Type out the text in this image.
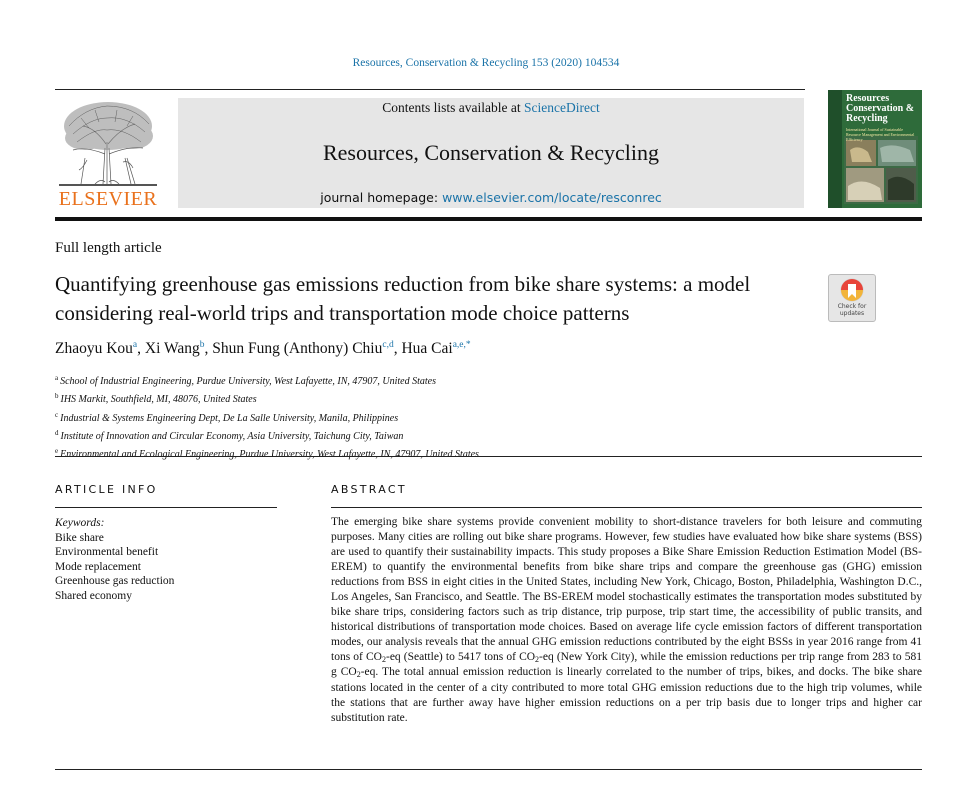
Resources, Conservation & Recycling 153 (2020) 104534
ELSEVIER
Contents lists available at ScienceDirect
Resources, Conservation & Recycling
journal homepage: www.elsevier.com/locate/resconrec
Resources
Conservation &
Recycling
International Journal of Sustainable Resource Management and Environmental Efficiency
Full length article
Quantifying greenhouse gas emissions reduction from bike share systems: a model considering real-world trips and transportation mode choice patterns	Check for
updates
Zhaoyu Kou$^a$, Xi Wang$^b$, Shun Fung (Anthony) Chiu$^{c,d}$, Hua Cai$^{a,e,*}$
$^a$ School of Industrial Engineering, Purdue University, West Lafayette, IN, 47907, United States
$^b$ IHS Markit, Southfield, MI, 48076, United States
$^c$ Industrial & Systems Engineering Dept, De La Salle University, Manila, Philippines
$^d$ Institute of Innovation and Circular Economy, Asia University, Taichung City, Taiwan
$^e$ Environmental and Ecological Engineering, Purdue University, West Lafayette, IN, 47907, United States
ARTICLE INFO
Keywords:
Bike share
Environmental benefit
Mode replacement
Greenhouse gas reduction
Shared economy
ABSTRACT
The emerging bike share systems provide convenient mobility to short-distance travelers for both leisure and commuting purposes. Many cities are rolling out bike share programs. However, few studies have evaluated how bike share systems (BSS) are used to quantify their sustainability impacts. This study proposes a Bike Share Emission Reduction Estimation Model (BS-EREM) to quantify the environmental benefits from bike share trips and compare the greenhouse gas (GHG) emission reductions from BSS in eight cities in the United States, including New York, Chicago, Boston, Philadelphia, Washington D.C., Los Angeles, San Francisco, and Seattle. The BS-EREM model stochastically estimates the transportation modes substituted by bike share trips, considering factors such as trip distance, trip purpose, trip start time, the accessibility of public transits, and historical distributions of transportation mode choices. Based on average life cycle emission factors of different transportation modes, our analysis reveals that the annual GHG emission reductions contributed by the eight BSSs in year 2016 range from 41 tons of $CO_2-eq$ (Seattle) to 5417 tons of $CO_2-eq$ (New York City), while the emission reductions per trip range from 283 to 581 g $CO_2-eq$. The total annual emission reduction is linearly correlated to the number of trips, bikes, and docks. The bike share stations located in the center of a city contributed to more total GHG emission reductions due to the high trip volumes, while the stations that are further away have higher emission reductions on a per trip basis due to longer trips and higher car substitution rate.
